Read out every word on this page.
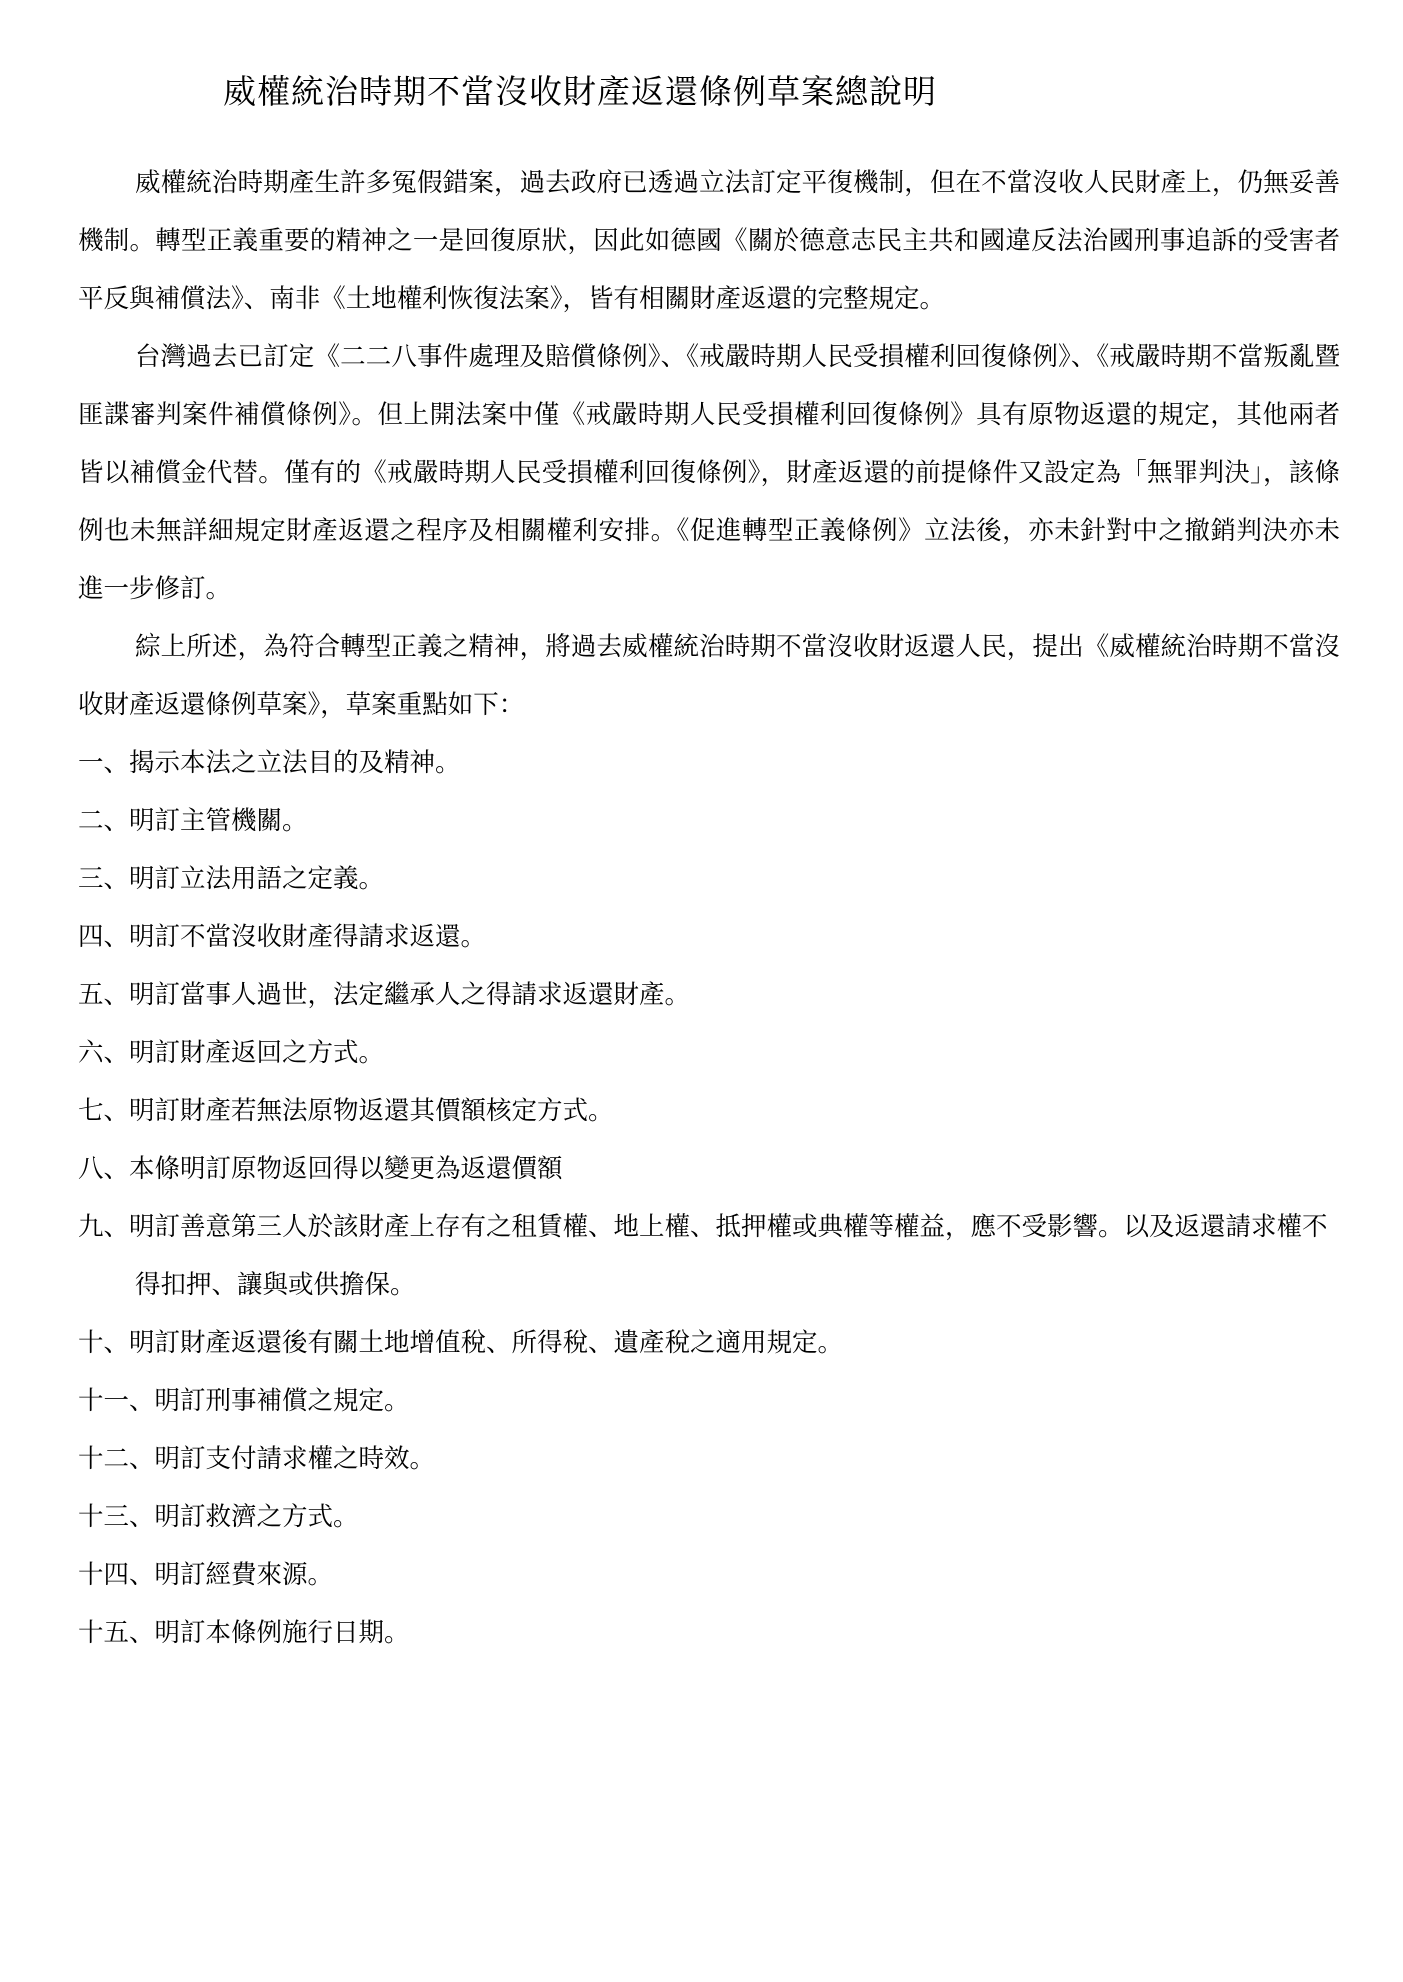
威權統治時期不當沒收財產返還條例草案總說明

威權統治時期產生許多冤假錯案，過去政府已透過立法訂定平復機制，但在不當沒收人民財產上，仍無妥善機制。轉型正義重要的精神之一是回復原狀，因此如德國《關於德意志民主共和國違反法治國刑事追訴的受害者平反與補償法》、南非《土地權利恢復法案》，皆有相關財產返還的完整規定。

台灣過去已訂定《二二八事件處理及賠償條例》、《戒嚴時期人民受損權利回復條例》、《戒嚴時期不當叛亂暨匪諜審判案件補償條例》。但上開法案中僅《戒嚴時期人民受損權利回復條例》具有原物返還的規定，其他兩者皆以補償金代替。僅有的《戒嚴時期人民受損權利回復條例》，財產返還的前提條件又設定為「無罪判決」，該條例也未無詳細規定財產返還之程序及相關權利安排。《促進轉型正義條例》立法後，亦未針對中之撤銷判決亦未進一步修訂。

綜上所述，為符合轉型正義之精神，將過去威權統治時期不當沒收財返還人民，提出《威權統治時期不當沒收財產返還條例草案》，草案重點如下：

一、揭示本法之立法目的及精神。
二、明訂主管機關。
三、明訂立法用語之定義。
四、明訂不當沒收財產得請求返還。
五、明訂當事人過世，法定繼承人之得請求返還財產。
六、明訂財產返回之方式。
七、明訂財產若無法原物返還其價額核定方式。
八、本條明訂原物返回得以變更為返還價額
九、明訂善意第三人於該財產上存有之租賃權、地上權、抵押權或典權等權益，應不受影響。以及返還請求權不得扣押、讓與或供擔保。
十、明訂財產返還後有關土地增值稅、所得稅、遺產稅之適用規定。
十一、明訂刑事補償之規定。
十二、明訂支付請求權之時效。
十三、明訂救濟之方式。
十四、明訂經費來源。
十五、明訂本條例施行日期。
